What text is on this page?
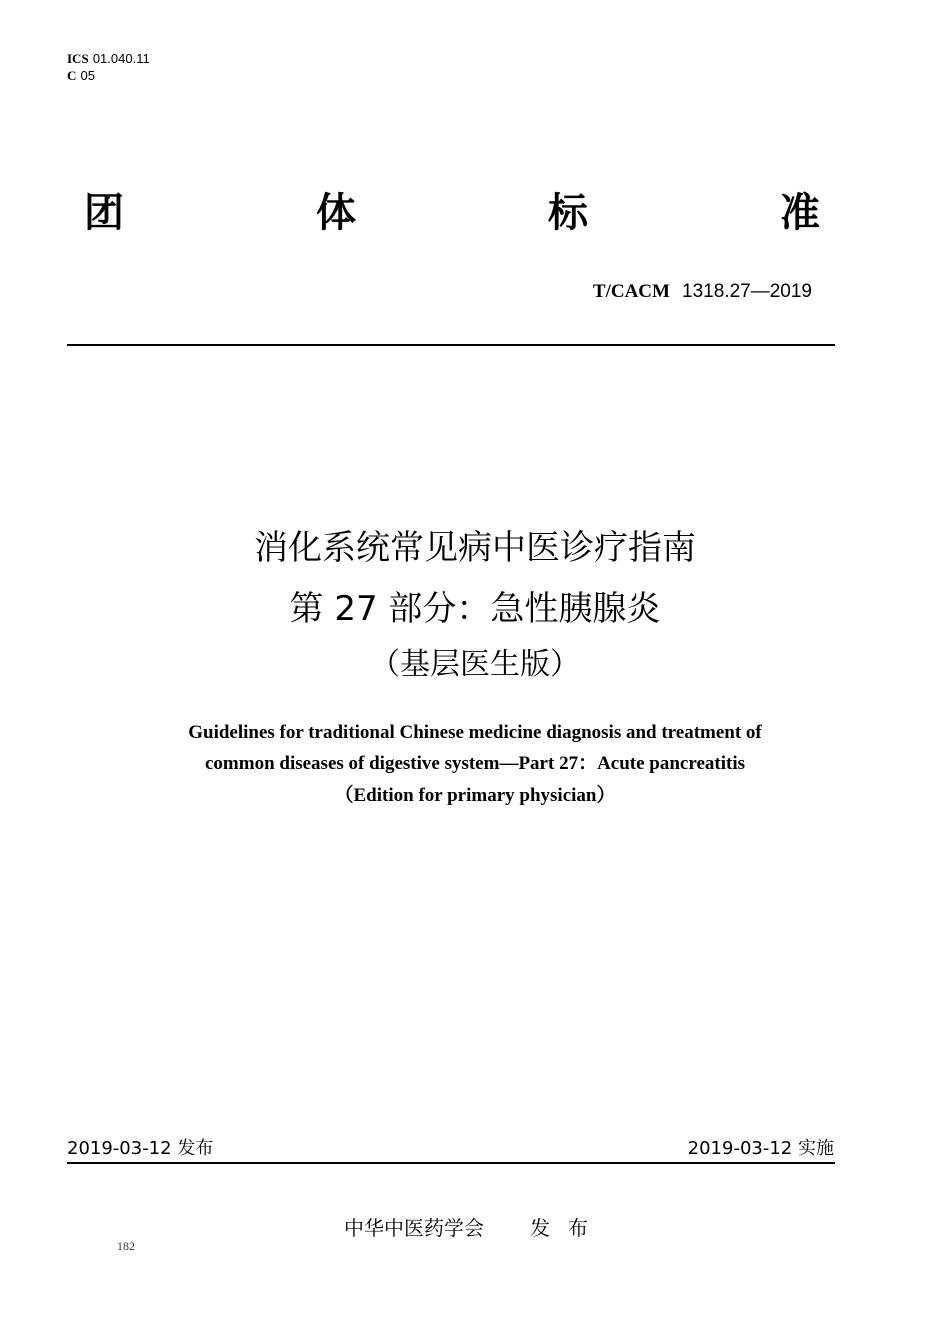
ICS 01.040.11
C 05
团	体	标	准
T/CACM 1318.27—2019
消化系统常见病中医诊疗指南
第 27 部分：急性胰腺炎
（基层医生版）
Guidelines for traditional Chinese medicine diagnosis and treatment of
common diseases of digestive system—Part 27：Acute pancreatitis
（Edition for primary physician）
2019-03-12 发布	2019-03-12 实施
中华中医药学会 发布
182
